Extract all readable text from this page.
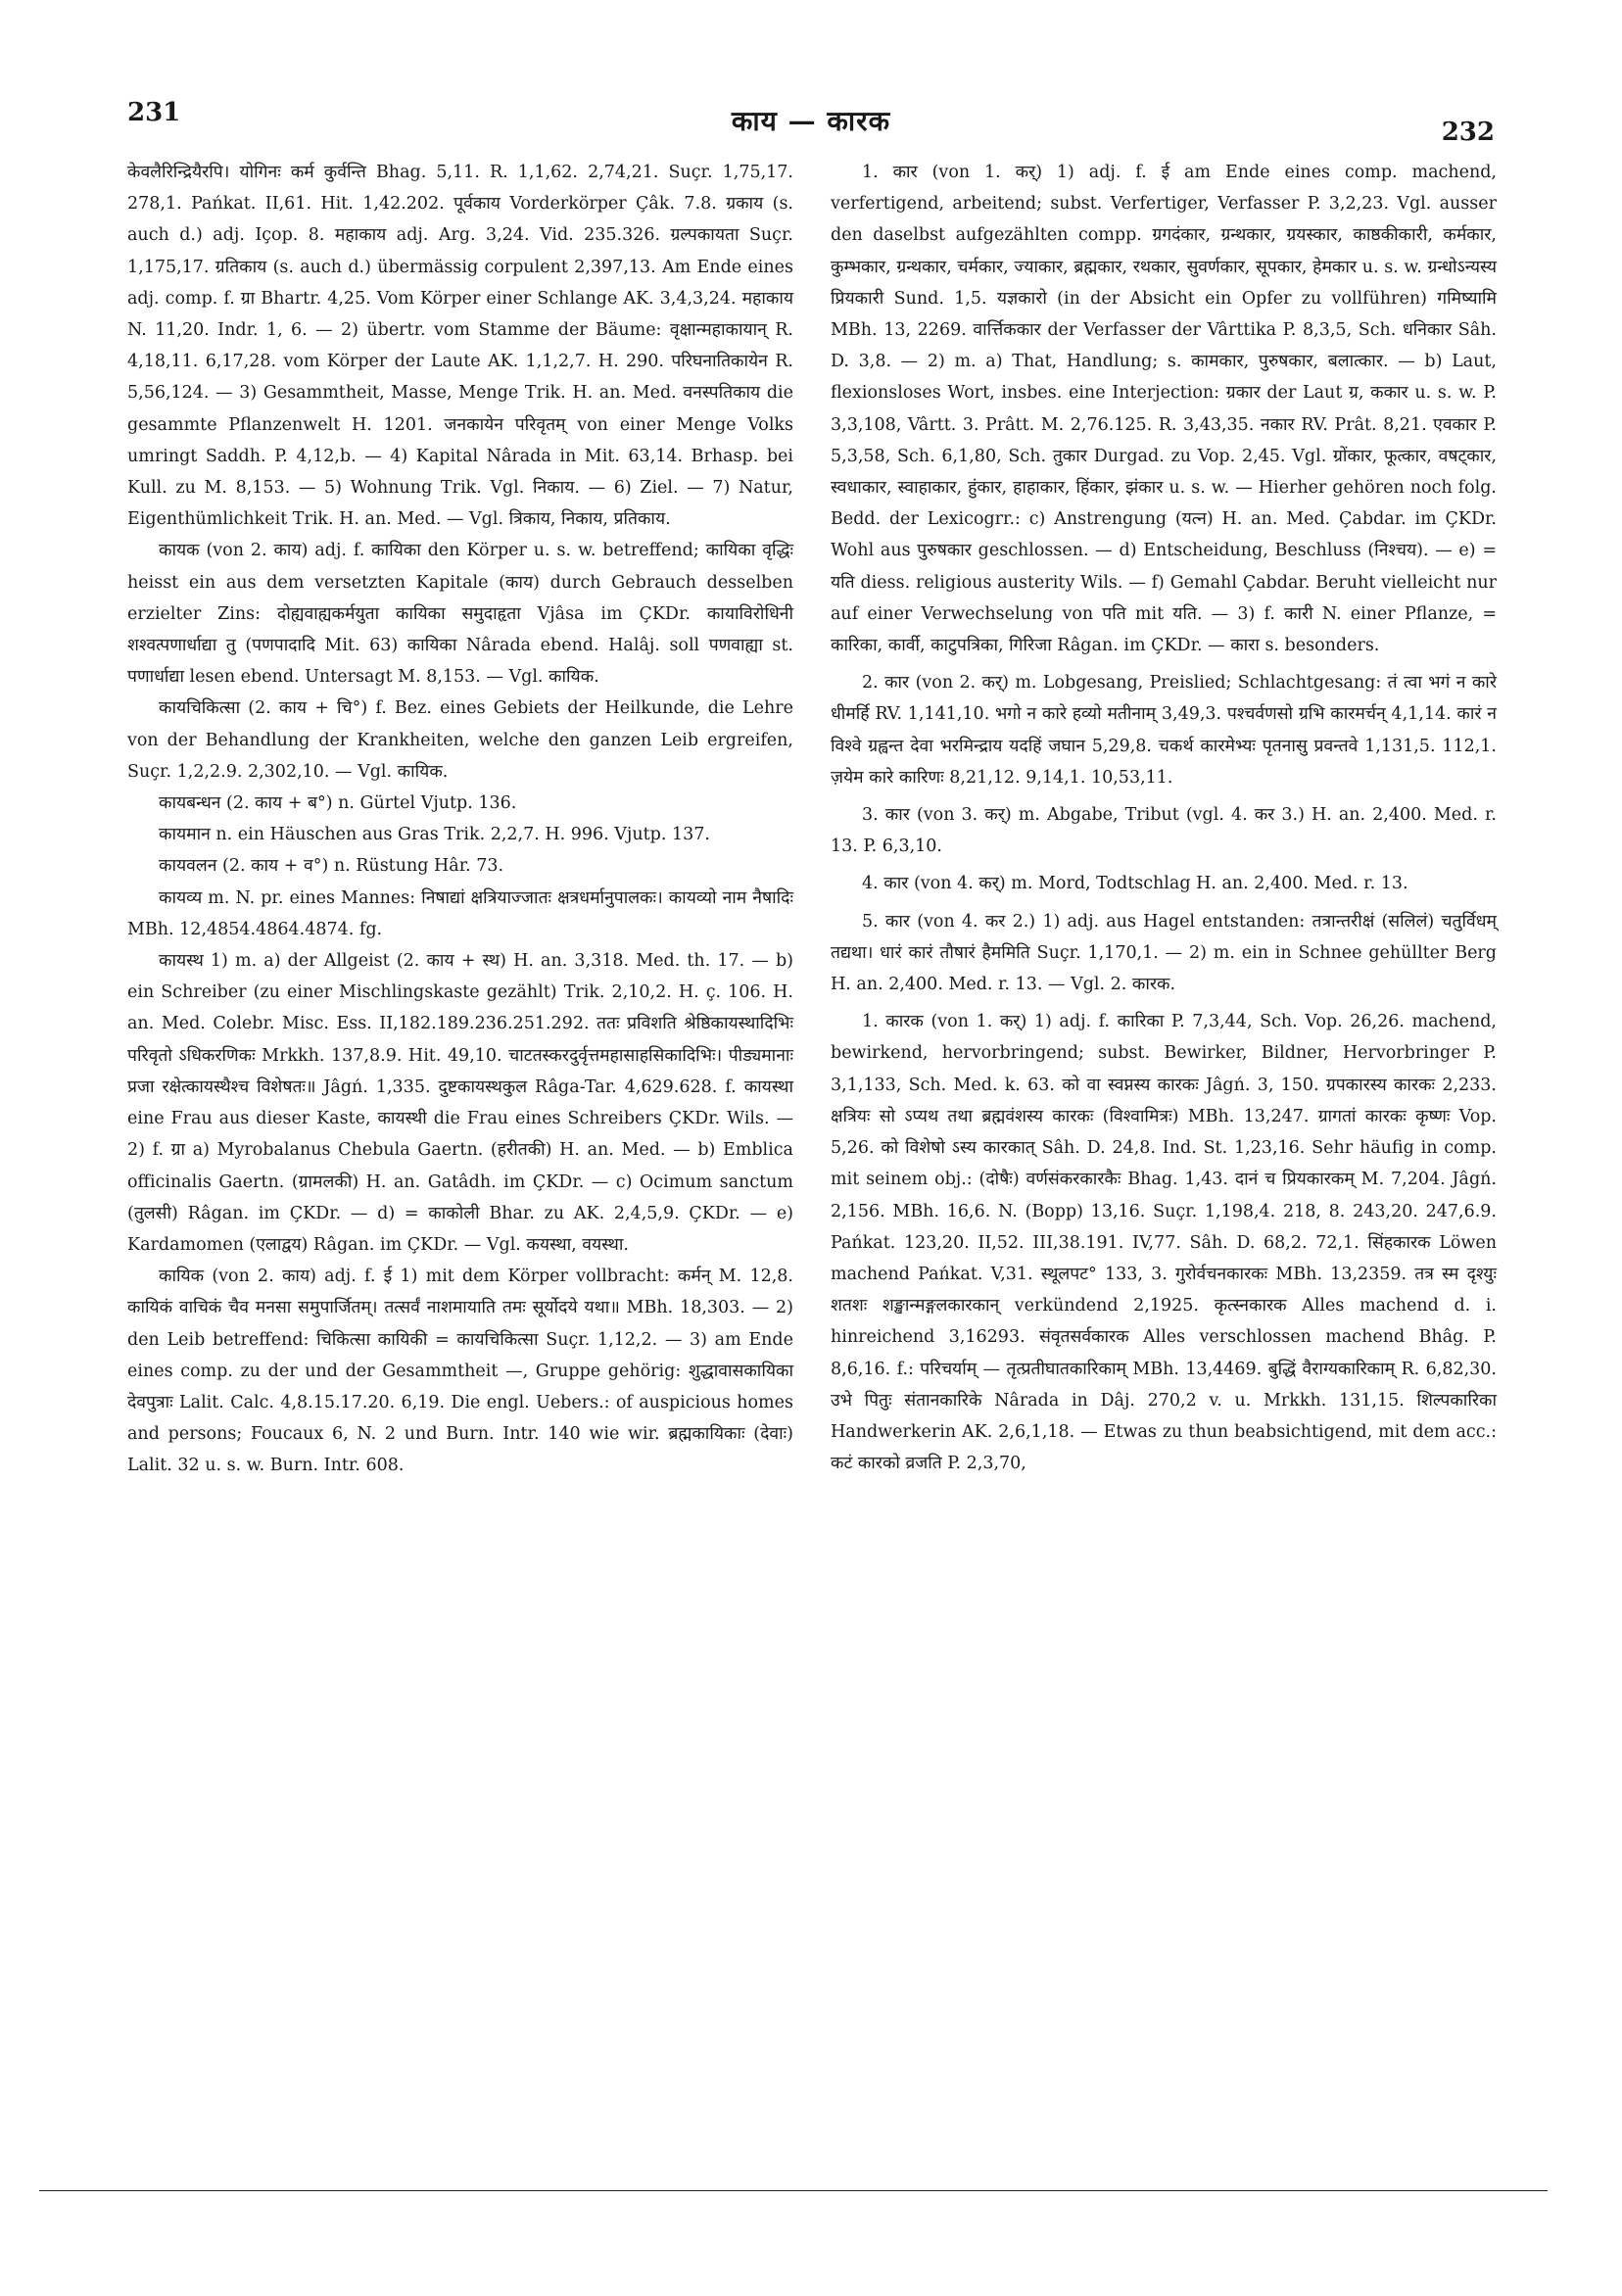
231	काय — कारक	232

केवलैरिन्द्रियैरपि। योगिनः कर्म कुर्वन्ति Bhag. 5,11. R. 1,1,62. 2,74,21. Suçr. 1,75,17. 278,1. Pańkat. II,61. Hit. 1,42.202. पूर्वकाय Vorderkörper Çâk. 7.8. ग्रकाय (s. auch d.) adj. Içop. 8. महाकाय adj. Arg. 3,24. Vid. 235.326. ग्रल्पकायता Suçr. 1,175,17. ग्रतिकाय (s. auch d.) übermässig corpulent 2,397,13. Am Ende eines adj. comp. f. ग्रा Bhartr. 4,25. Vom Körper einer Schlange AK. 3,4,3,24. महाकाय N. 11,20. Indr. 1, 6. — 2) übertr. vom Stamme der Bäume: वृक्षान्महाकायान् R. 4,18,11. 6,17,28. vom Körper der Laute AK. 1,1,2,7. H. 290. परिघनातिकायेन R. 5,56,124. — 3) Gesammtheit, Masse, Menge Trik. H. an. Med. वनस्पतिकाय die gesammte Pflanzenwelt H. 1201. जनकायेन परिवृतम् von einer Menge Volks umringt Saddh. P. 4,12,b. — 4) Kapital Nârada in Mit. 63,14. Brhasp. bei Kull. zu M. 8,153. — 5) Wohnung Trik. Vgl. निकाय. — 6) Ziel. — 7) Natur, Eigenthümlichkeit Trik. H. an. Med. — Vgl. त्रिकाय, निकाय, प्रतिकाय.

कायक (von 2. काय) adj. f. कायिका den Körper u. s. w. betreffend; कायिका वृद्धिः heisst ein aus dem versetzten Kapitale (काय) durch Gebrauch desselben erzielter Zins: दोह्यवाह्यकर्मयुता कायिका समुदाहृता Vjâsa im ÇKDr. कायाविरोधिनी शश्वत्पणार्धाद्या तु (पणपादादि Mit. 63) कायिका Nârada ebend. Halâj. soll पणवाह्या st. पणार्धाद्या lesen ebend. Untersagt M. 8,153. — Vgl. कायिक.

कायचिकित्सा (2. काय + चि°) f. Bez. eines Gebiets der Heilkunde, die Lehre von der Behandlung der Krankheiten, welche den ganzen Leib ergreifen, Suçr. 1,2,2.9. 2,302,10. — Vgl. कायिक.

कायबन्धन (2. काय + ब°) n. Gürtel Vjutp. 136.

कायमान n. ein Häuschen aus Gras Trik. 2,2,7. H. 996. Vjutp. 137.

कायवलन (2. काय + व°) n. Rüstung Hâr. 73.

कायव्य m. N. pr. eines Mannes: निषाद्यां क्षत्रियाज्जातः क्षत्रधर्मानुपालकः। कायव्यो नाम नैषादिः MBh. 12,4854.4864.4874. fg.

कायस्थ 1) m. a) der Allgeist (2. काय + स्थ) H. an. 3,318. Med. th. 17. — b) ein Schreiber (zu einer Mischlingskaste gezählt) Trik. 2,10,2. H. ç. 106. H. an. Med. Colebr. Misc. Ess. II,182.189.236.251.292. ततः प्रविशति श्रेष्ठिकायस्थादिभिः परिवृतो ऽधिकरणिकः Mrkkh. 137,8.9. Hit. 49,10. चाटतस्करदुर्वृत्तमहासाहसिकादिभिः। पीड्यमानाः प्रजा रक्षेत्कायस्थैश्च विशेषतः॥ Jâgń. 1,335. दुष्टकायस्थकुल Râga-Tar. 4,629.628. f. कायस्था eine Frau aus dieser Kaste, कायस्थी die Frau eines Schreibers ÇKDr. Wils. — 2) f. ग्रा a) Myrobalanus Chebula Gaertn. (हरीतकी) H. an. Med. — b) Emblica officinalis Gaertn. (ग्रामलकी) H. an. Gatâdh. im ÇKDr. — c) Ocimum sanctum (तुलसी) Râgan. im ÇKDr. — d) = काकोली Bhar. zu AK. 2,4,5,9. ÇKDr. — e) Kardamomen (एलाद्वय) Râgan. im ÇKDr. — Vgl. कयस्था, वयस्था.

कायिक (von 2. काय) adj. f. ई 1) mit dem Körper vollbracht: कर्मन् M. 12,8. कायिकं वाचिकं चैव मनसा समुपार्जितम्। तत्सर्वं नाशमायाति तमः सूर्योदये यथा॥ MBh. 18,303. — 2) den Leib betreffend: चिकित्सा कायिकी = कायचिकित्सा Suçr. 1,12,2. — 3) am Ende eines comp. zu der und der Gesammtheit —, Gruppe gehörig: शुद्धावासकायिका देवपुत्राः Lalit. Calc. 4,8.15.17.20. 6,19. Die engl. Uebers.: of auspicious homes and persons; Foucaux 6, N. 2 und Burn. Intr. 140 wie wir. ब्रह्मकायिकाः (देवाः) Lalit. 32 u. s. w. Burn. Intr. 608.

1. कार (von 1. कर्) 1) adj. f. ई am Ende eines comp. machend, verfertigend, arbeitend; subst. Verfertiger, Verfasser P. 3,2,23. Vgl. ausser den daselbst aufgezählten compp. ग्रगदंकार, ग्रन्थकार, ग्रयस्कार, काष्ठकीकारी, कर्मकार, कुम्भकार, ग्रन्थकार, चर्मकार, ज्याकार, ब्रह्मकार, रथकार, सुवर्णकार, सूपकार, हेमकार u. s. w. ग्रन्धोऽन्यस्य प्रियकारी Sund. 1,5. यज्ञकारो (in der Absicht ein Opfer zu vollführen) गमिष्यामि MBh. 13, 2269. वार्त्तिककार der Verfasser der Vârttika P. 8,3,5, Sch. धनिकार Sâh. D. 3,8. — 2) m. a) That, Handlung; s. कामकार, पुरुषकार, बलात्कार. — b) Laut, flexionsloses Wort, insbes. eine Interjection: ग्रकार der Laut ग्र, ककार u. s. w. P. 3,3,108, Vârtt. 3. Prâtt. M. 2,76.125. R. 3,43,35. नकार RV. Prât. 8,21. एवकार P. 5,3,58, Sch. 6,1,80, Sch. तुकार Durgad. zu Vop. 2,45. Vgl. ग्रोंकार, फूत्कार, वषट्कार, स्वधाकार, स्वाहाकार, हुंकार, हाहाकार, हिंकार, झंकार u. s. w. — Hierher gehören noch folg. Bedd. der Lexicogrr.: c) Anstrengung (यत्न) H. an. Med. Çabdar. im ÇKDr. Wohl aus पुरुषकार geschlossen. — d) Entscheidung, Beschluss (निश्चय). — e) = यति diess. religious austerity Wils. — f) Gemahl Çabdar. Beruht vielleicht nur auf einer Verwechselung von पति mit यति. — 3) f. कारी N. einer Pflanze, = कारिका, कार्वी, काटुपत्रिका, गिरिजा Râgan. im ÇKDr. — कारा s. besonders.

2. कार (von 2. कर्) m. Lobgesang, Preislied; Schlachtgesang: तं त्वा भगं न कारे धीमर्हि RV. 1,141,10. भगो न कारे हव्यो मतीनाम् 3,49,3. पश्चर्वणसो ग्रभि कारमर्चन् 4,1,14. कारं न विश्वे ग्रह्वन्त देवा भरमिन्द्राय यदहिं जघान 5,29,8. चकर्थ कारमेभ्यः पृतनासु प्रवन्तवे 1,131,5. 112,1. ज़येम कारे कारिणः 8,21,12. 9,14,1. 10,53,11.

3. कार (von 3. कर्) m. Abgabe, Tribut (vgl. 4. कर 3.) H. an. 2,400. Med. r. 13. P. 6,3,10.

4. कार (von 4. कर्) m. Mord, Todtschlag H. an. 2,400. Med. r. 13.

5. कार (von 4. कर 2.) 1) adj. aus Hagel entstanden: तत्रान्तरीक्षं (सलिलं) चतुर्विधम् तद्यथा। धारं कारं तौषारं हैममिति Suçr. 1,170,1. — 2) m. ein in Schnee gehüllter Berg H. an. 2,400. Med. r. 13. — Vgl. 2. कारक.

1. कारक (von 1. कर्) 1) adj. f. कारिका P. 7,3,44, Sch. Vop. 26,26. machend, bewirkend, hervorbringend; subst. Bewirker, Bildner, Hervorbringer P. 3,1,133, Sch. Med. k. 63. को वा स्वप्नस्य कारकः Jâgń. 3, 150. ग्रपकारस्य कारकः 2,233. क्षत्रियः सो ऽप्यथ तथा ब्रह्मवंशस्य कारकः (विश्वामित्रः) MBh. 13,247. ग्रागतां कारकः कृष्णः Vop. 5,26. को विशेषो ऽस्य कारकात् Sâh. D. 24,8. Ind. St. 1,23,16. Sehr häufig in comp. mit seinem obj.: (दोषैः) वर्णसंकरकारकैः Bhag. 1,43. दानं च प्रियकारकम् M. 7,204. Jâgń. 2,156. MBh. 16,6. N. (Bopp) 13,16. Suçr. 1,198,4. 218, 8. 243,20. 247,6.9. Pańkat. 123,20. II,52. III,38.191. IV,77. Sâh. D. 68,2. 72,1. सिंहकारक Löwen machend Pańkat. V,31. स्थूलपट° 133, 3. गुरोर्वचनकारकः MBh. 13,2359. तत्र स्म दृश्युः शतशः शङ्खान्मङ्गलकारकान् verkündend 2,1925. कृत्स्नकारक Alles machend d. i. hinreichend 3,16293. संवृतसर्वकारक Alles verschlossen machend Bhâg. P. 8,6,16. f.: परिचर्याम् — तृत्प्रतीघातकारिकाम् MBh. 13,4469. बुद्धिं वैराग्यकारिकाम् R. 6,82,30. उभे पितुः संतानकारिके Nârada in Dâj. 270,2 v. u. Mrkkh. 131,15. शिल्पकारिका Handwerkerin AK. 2,6,1,18. — Etwas zu thun beabsichtigend, mit dem acc.: कटं कारको व्रजति P. 2,3,70,
